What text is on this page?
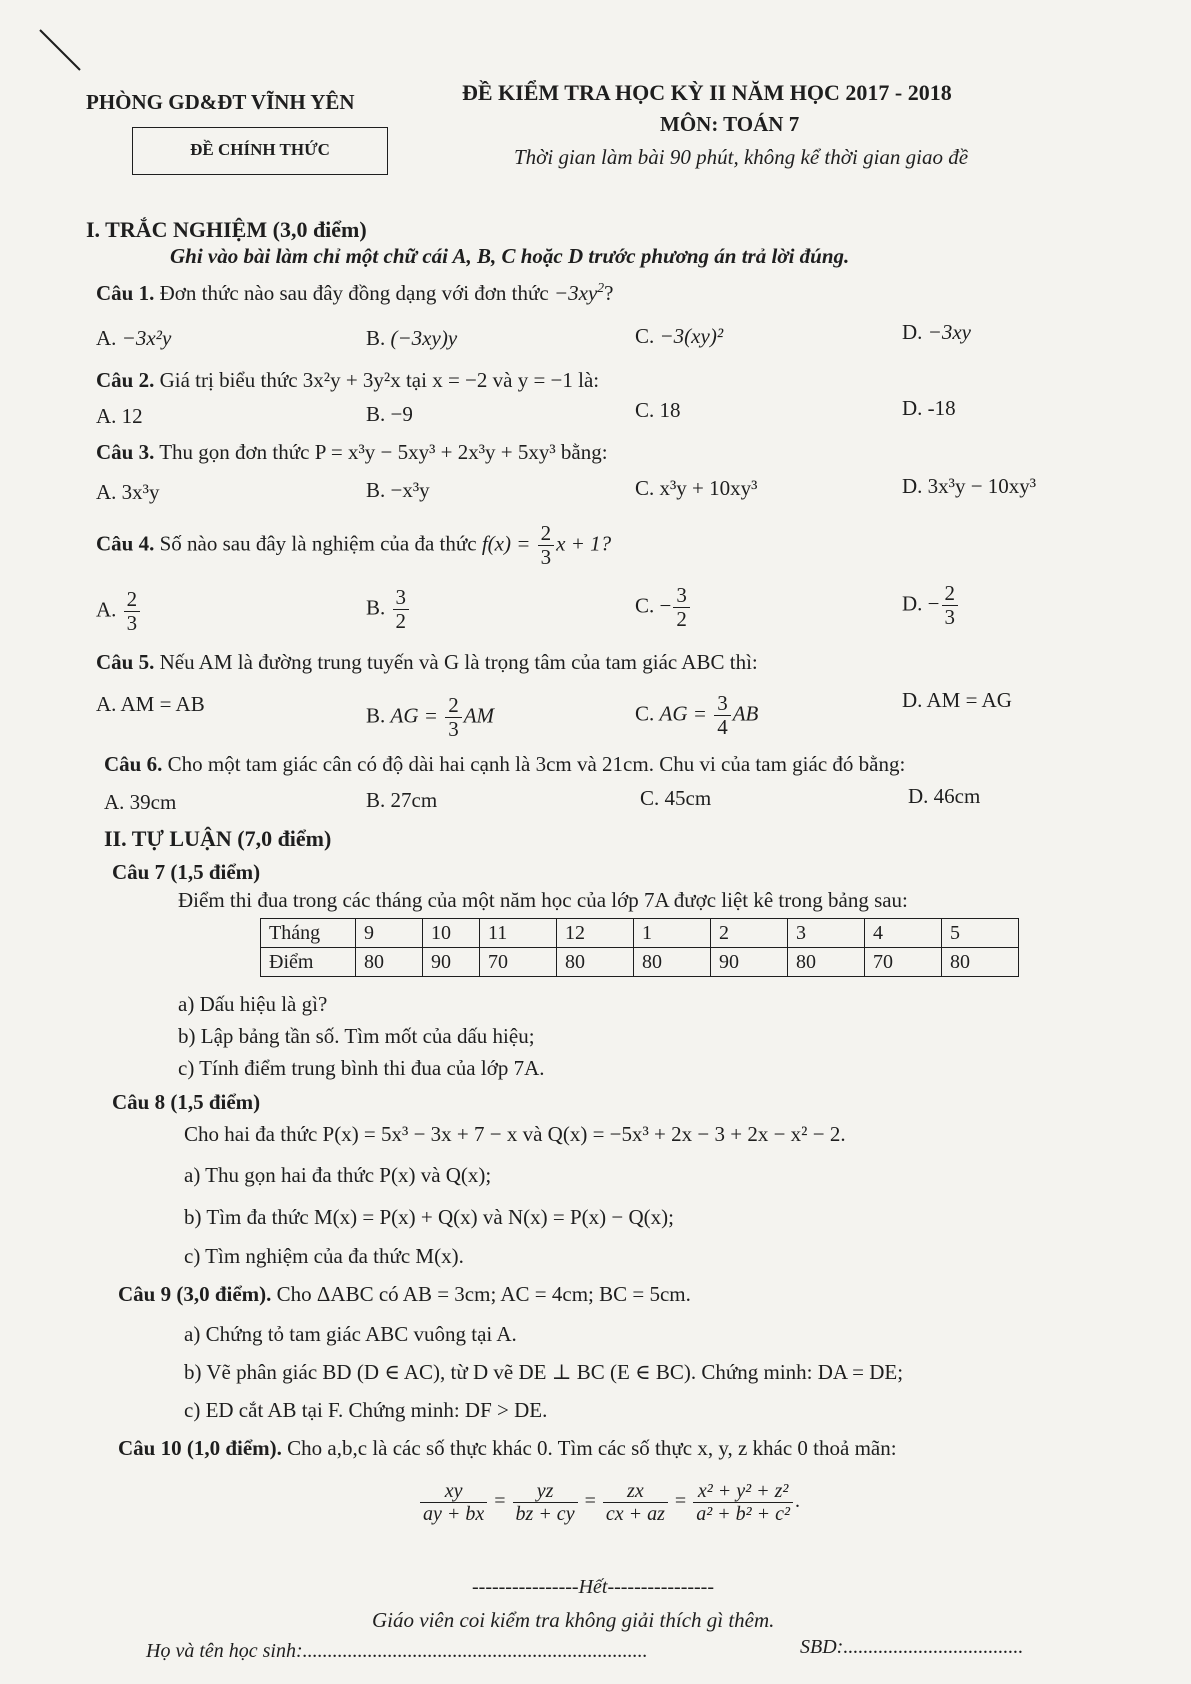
PHÒNG GD&ĐT VĨNH YÊN
ĐỀ CHÍNH THỨC
ĐỀ KIỂM TRA HỌC KỲ II NĂM HỌC 2017 - 2018
MÔN: TOÁN 7
Thời gian làm bài 90 phút, không kể thời gian giao đề
I. TRẮC NGHIỆM (3,0 điểm)
Ghi vào bài làm chỉ một chữ cái A, B, C hoặc D trước phương án trả lời đúng.
Câu 1. Đơn thức nào sau đây đồng dạng với đơn thức $-3xy^2$?
A. −3x²y	B. (−3xy)y	C. −3(xy)²	D. −3xy
Câu 2. Giá trị biểu thức 3x²y + 3y²x tại x = −2 và y = −1 là:
A. 12	B. −9	C. 18	D. -18
Câu 3. Thu gọn đơn thức P = x³y − 5xy³ + 2x³y + 5xy³ bằng:
A. 3x³y	B. −x³y	C. x³y + 10xy³	D. 3x³y − 10xy³
Câu 4. Số nào sau đây là nghiệm của đa thức $f(x) = \frac{2}{3}$ x + 1?
A. $\frac{2}{3}$	B. $\frac{3}{2}$	C. − $\frac{3}{2}$	D. − $\frac{2}{3}$
Câu 5. Nếu AM là đường trung tuyến và G là trọng tâm của tam giác ABC thì:
A. AM = AB	B. AG = $\frac{2}{3}$ AM	C. AG = $\frac{3}{4}$ AB
D. AM = AG
Câu 6. Cho một tam giác cân có độ dài hai cạnh là 3cm và 21cm. Chu vi của tam giác đó bằng:
A. 39cm	B. 27cm	C. 45cm	D. 46cm
II. TỰ LUẬN (7,0 điểm)
Câu 7 (1,5 điểm)
Điểm thi đua trong các tháng của một năm học của lớp 7A được liệt kê trong bảng sau:
Tháng	9	10	11	12	1	2	3	4	5
Điểm	80	90	70	80	80	90	80	70	80
a) Dấu hiệu là gì?
b) Lập bảng tần số. Tìm mốt của dấu hiệu;
c) Tính điểm trung bình thi đua của lớp 7A.
Câu 8 (1,5 điểm)
Cho hai đa thức P(x) = 5x³ − 3x + 7 − x và Q(x) = −5x³ + 2x − 3 + 2x − x² − 2.
a) Thu gọn hai đa thức P(x) và Q(x);
b) Tìm đa thức M(x) = P(x) + Q(x) và N(x) = P(x) − Q(x);
c) Tìm nghiệm của đa thức M(x).
Câu 9 (3,0 điểm). Cho ΔABC có AB = 3cm; AC = 4cm; BC = 5cm.
a) Chứng tỏ tam giác ABC vuông tại A.
b) Vẽ phân giác BD (D ∈ AC), từ D vẽ DE ⊥ BC (E ∈ BC). Chứng minh: DA = DE;
c) ED cắt AB tại F. Chứng minh: DF > DE.
Câu 10 (1,0 điểm). Cho a,b,c là các số thực khác 0. Tìm các số thực x, y, z khác 0 thoả mãn:
$\frac{xy}{ay + bx} = \frac{yz}{bz + cy} = \frac{zx}{cx + az} = \frac{\text{x² + y² + z²}}{\text{a² + b² + c²}}$ .
----------------Hết----------------
Giáo viên coi kiểm tra không giải thích gì thêm.
Họ và tên học sinh:.....................................................................	SBD:....................................
